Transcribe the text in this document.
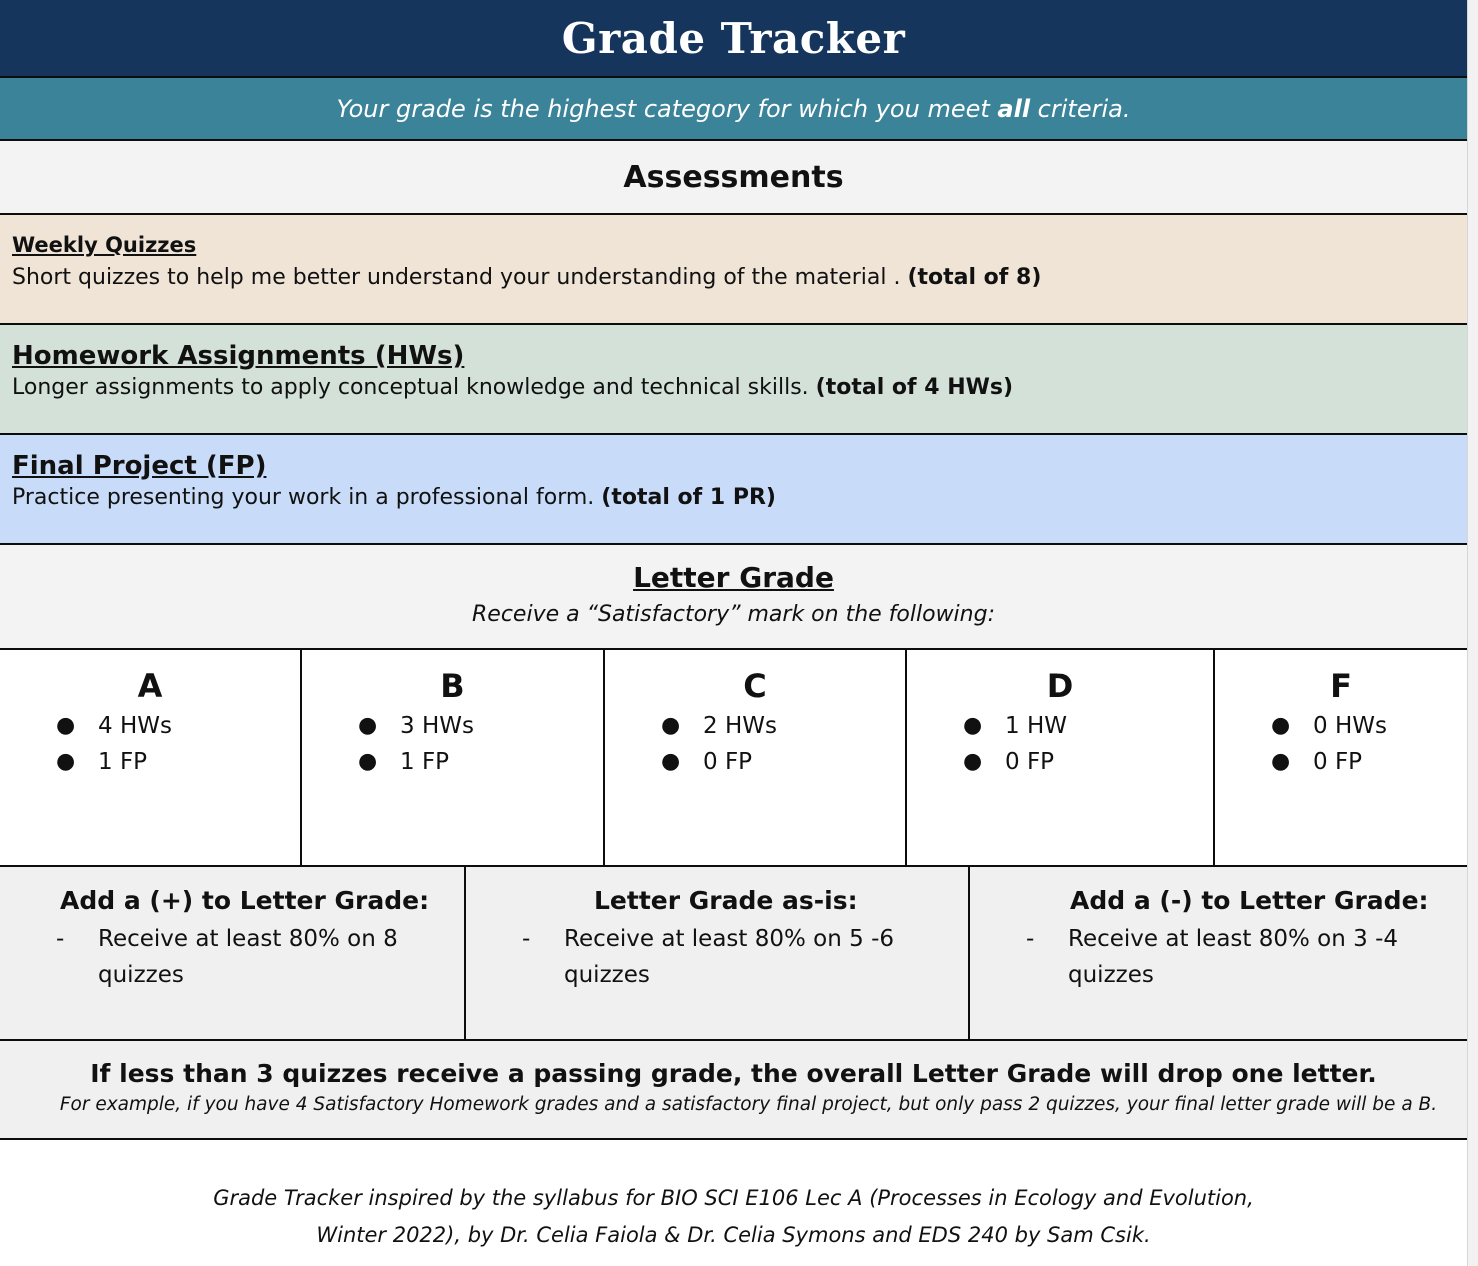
Grade Tracker
Your grade is the highest category for which you meet all criteria.
Assessments
Weekly Quizzes
Short quizzes to help me better understand your understanding of the material . (total of 8)
Homework Assignments (HWs)
Longer assignments to apply conceptual knowledge and technical skills. (total of 4 HWs)
Final Project (FP)
Practice presenting your work in a professional form. (total of 1 PR)
Letter Grade
Receive a “Satisfactory” mark on the following:
A
● 4 HWs
● 1 FP
B
● 3 HWs
● 1 FP
C
● 2 HWs
● 0 FP
D
● 1 HW
● 0 FP
F
● 0 HWs
● 0 FP
Add a (+) to Letter Grade:
-	Receive at least 80% on 8
quizzes
Letter Grade as-is:
-	Receive at least 80% on 5 -6
quizzes
Add a (-) to Letter Grade:
-	Receive at least 80% on 3 -4
quizzes
If less than 3 quizzes receive a passing grade, the overall Letter Grade will drop one letter.
For example, if you have 4 Satisfactory Homework grades and a satisfactory final project, but only pass 2 quizzes, your final letter grade will be a B.
Grade Tracker inspired by the syllabus for BIO SCI E106 Lec A (Processes in Ecology and Evolution,
Winter 2022), by Dr. Celia Faiola & Dr. Celia Symons and EDS 240 by Sam Csik.
